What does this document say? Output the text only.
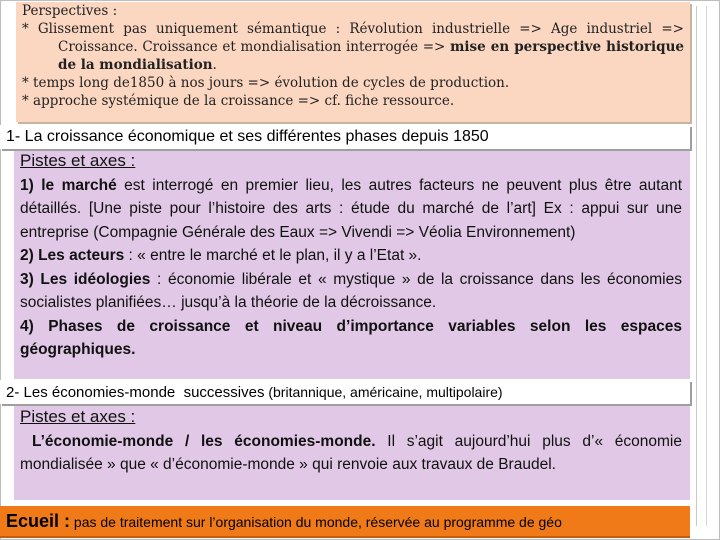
Perspectives :

* Glissement pas uniquement sémantique : Révolution industrielle => Age industriel =>

Croissance. Croissance et mondialisation interrogée => mise en perspective historique de la mondialisation.

* temps long de1850 à nos jours => évolution de cycles de production.

* approche systémique de la croissance => cf. fiche ressource.

1- La croissance économique et ses différentes phases depuis 1850

Pistes et axes :

1) le marché est interrogé en premier lieu, les autres facteurs ne peuvent plus être autant détaillés. [Une piste pour l’histoire des arts : étude du marché de l’art] Ex : appui sur une entreprise (Compagnie Générale des Eaux => Vivendi => Véolia Environnement)

2) Les acteurs : « entre le marché et le plan, il y a l’Etat ».

3) Les idéologies : économie libérale et « mystique » de la croissance dans les économies socialistes planifiées… jusqu’à la théorie de la décroissance.

4) Phases de croissance et niveau d’importance variables selon les espaces géographiques.

2- Les économies-monde  successives (britannique, américaine, multipolaire)

Pistes et axes :

L’économie-monde / les économies-monde. Il s’agit aujourd’hui plus d’« économie mondialisée » que « d’économie-monde » qui renvoie aux travaux de Braudel.

Ecueil : pas de traitement sur l’organisation du monde, réservée au programme de géo
